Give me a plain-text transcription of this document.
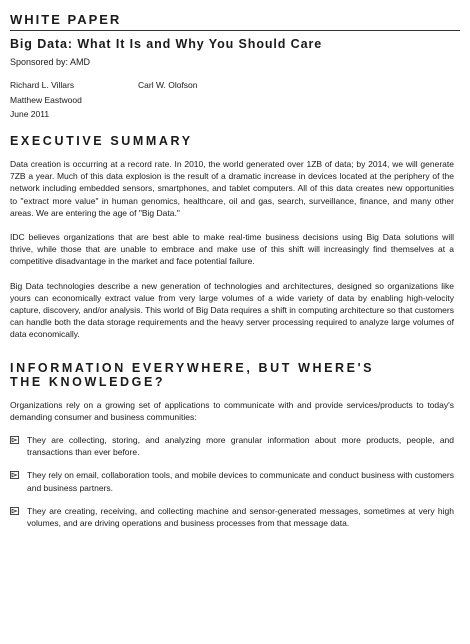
WHITE PAPER
Big Data: What It Is and Why You Should Care
Sponsored by: AMD
Richard L. Villars
Matthew Eastwood
June 2011
Carl W. Olofson
EXECUTIVE SUMMARY

Data creation is occurring at a record rate. In 2010, the world generated over 1ZB of data; by 2014, we will generate 7ZB a year. Much of this data explosion is the result of a dramatic increase in devices located at the periphery of the network including embedded sensors, smartphones, and tablet computers. All of this data creates new opportunities to "extract more value" in human genomics, healthcare, oil and gas, search, surveillance, finance, and many other areas. We are entering the age of "Big Data."

IDC believes organizations that are best able to make real-time business decisions using Big Data solutions will thrive, while those that are unable to embrace and make use of this shift will increasingly find themselves at a competitive disadvantage in the market and face potential failure.

Big Data technologies describe a new generation of technologies and architectures, designed so organizations like yours can economically extract value from very large volumes of a wide variety of data by enabling high-velocity capture, discovery, and/or analysis. This world of Big Data requires a shift in computing architecture so that customers can handle both the data storage requirements and the heavy server processing required to analyze large volumes of data economically.

INFORMATION EVERYWHERE, BUT WHERE'S
THE KNOWLEDGE?

Organizations rely on a growing set of applications to communicate with and provide services/products to today's demanding consumer and business communities:

They are collecting, storing, and analyzing more granular information about more products, people, and transactions than ever before.
They rely on email, collaboration tools, and mobile devices to communicate and conduct business with customers and business partners.
They are creating, receiving, and collecting machine and sensor-generated messages, sometimes at very high volumes, and are driving operations and business processes from that message data.
